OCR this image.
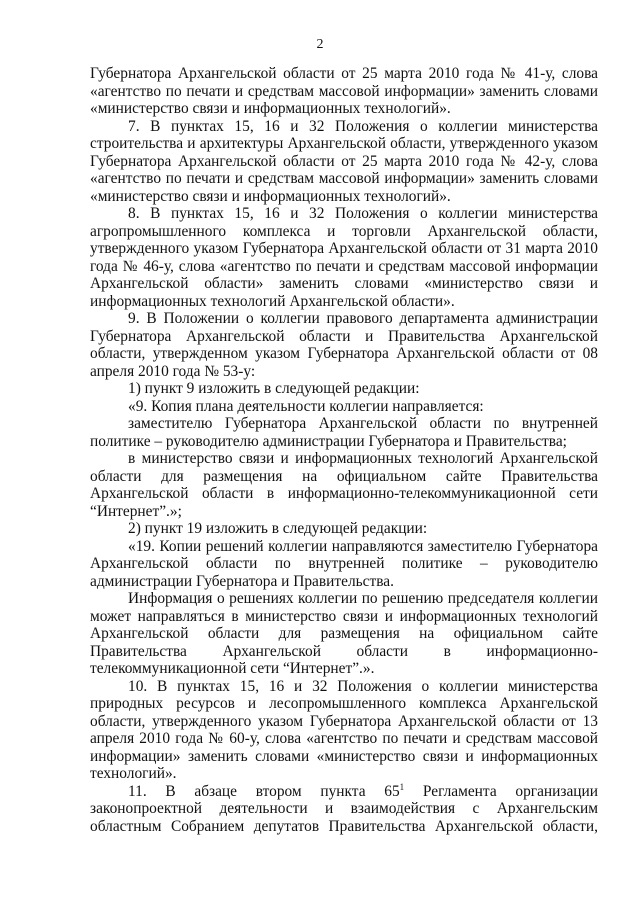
2

Губернатора Архангельской области от 25 марта 2010 года № 41-у, слова «агентство по печати и средствам массовой информации» заменить словами «министерство связи и информационных технологий».

7. В пунктах 15, 16 и 32 Положения о коллегии министерства строительства и архитектуры Архангельской области, утвержденного указом Губернатора Архангельской области от 25 марта 2010 года № 42-у, слова «агентство по печати и средствам массовой информации» заменить словами «министерство связи и информационных технологий».

8. В пунктах 15, 16 и 32 Положения о коллегии министерства агропромышленного комплекса и торговли Архангельской области, утвержденного указом Губернатора Архангельской области от 31 марта 2010 года № 46-у, слова «агентство по печати и средствам массовой информации Архангельской области» заменить словами «министерство связи и информационных технологий Архангельской области».

9. В Положении о коллегии правового департамента администрации Губернатора Архангельской области и Правительства Архангельской области, утвержденном указом Губернатора Архангельской области от 08 апреля 2010 года № 53-у:

1) пункт 9 изложить в следующей редакции:

«9. Копия плана деятельности коллегии направляется:

заместителю Губернатора Архангельской области по внутренней политике – руководителю администрации Губернатора и Правительства;

в министерство связи и информационных технологий Архангельской области для размещения на официальном сайте Правительства Архангельской области в информационно-телекоммуникационной сети “Интернет”.»;

2) пункт 19 изложить в следующей редакции:

«19. Копии решений коллегии направляются заместителю Губернатора Архангельской области по внутренней политике – руководителю администрации Губернатора и Правительства.

Информация о решениях коллегии по решению председателя коллегии может направляться в министерство связи и информационных технологий Архангельской области для размещения на официальном сайте Правительства Архангельской области в информационно-телекоммуникационной сети “Интернет”.».

10. В пунктах 15, 16 и 32 Положения о коллегии министерства природных ресурсов и лесопромышленного комплекса Архангельской области, утвержденного указом Губернатора Архангельской области от 13 апреля 2010 года № 60-у, слова «агентство по печати и средствам массовой информации» заменить словами «министерство связи и информационных технологий».

11. В абзаце втором пункта $65^1$ Регламента организации законопроектной деятельности и взаимодействия с Архангельским областным Собранием депутатов Правительства Архангельской области,
